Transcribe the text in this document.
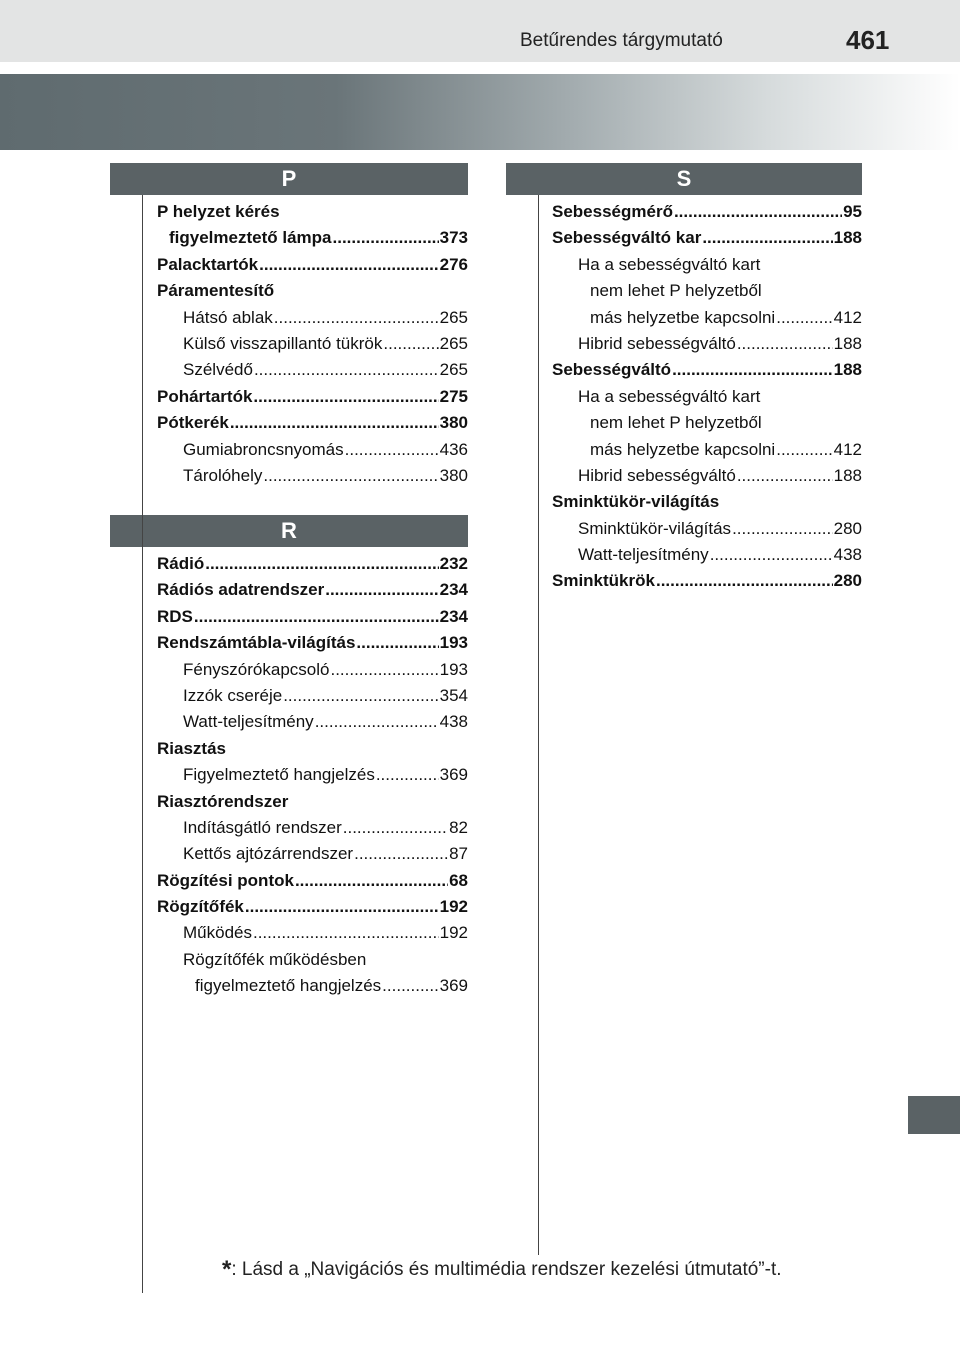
Betűrendes tárgymutató	461
P
P helyzet kérés
figyelmeztető lámpa .....	373
Palacktartók .....	276
Páramentesítő
Hátsó ablak .....	265
Külső visszapillantó tükrök .....	265
Szélvédő .....	265
Pohártartók .....	275
Pótkerék .....	380
Gumiabroncsnyomás .....	436
Tárolóhely .....	380
R
Rádió .....	232
Rádiós adatrendszer .....	234
RDS .....	234
Rendszámtábla-világítás .....	193
Fényszórókapcsoló .....	193
Izzók cseréje .....	354
Watt-teljesítmény .....	438
Riasztás
Figyelmeztető hangjelzés .....	369
Riasztórendszer
Indításgátló rendszer .....	82
Kettős ajtózárrendszer .....	87
Rögzítési pontok .....	68
Rögzítőfék .....	192
Működés .....	192
Rögzítőfék működésben
figyelmeztető hangjelzés .....	369
S
Sebességmérő .....	95
Sebességváltó kar .....	188
Ha a sebességváltó kart
nem lehet P helyzetből
más helyzetbe kapcsolni .....	412
Hibrid sebességváltó .....	188
Sebességváltó .....	188
Ha a sebességváltó kart
nem lehet P helyzetből
más helyzetbe kapcsolni .....	412
Hibrid sebességváltó .....	188
Sminktükör-világítás
Sminktükör-világítás .....	280
Watt-teljesítmény .....	438
Sminktükrök .....	280
*: Lásd a „Navigációs és multimédia rendszer kezelési útmutató”-t.
